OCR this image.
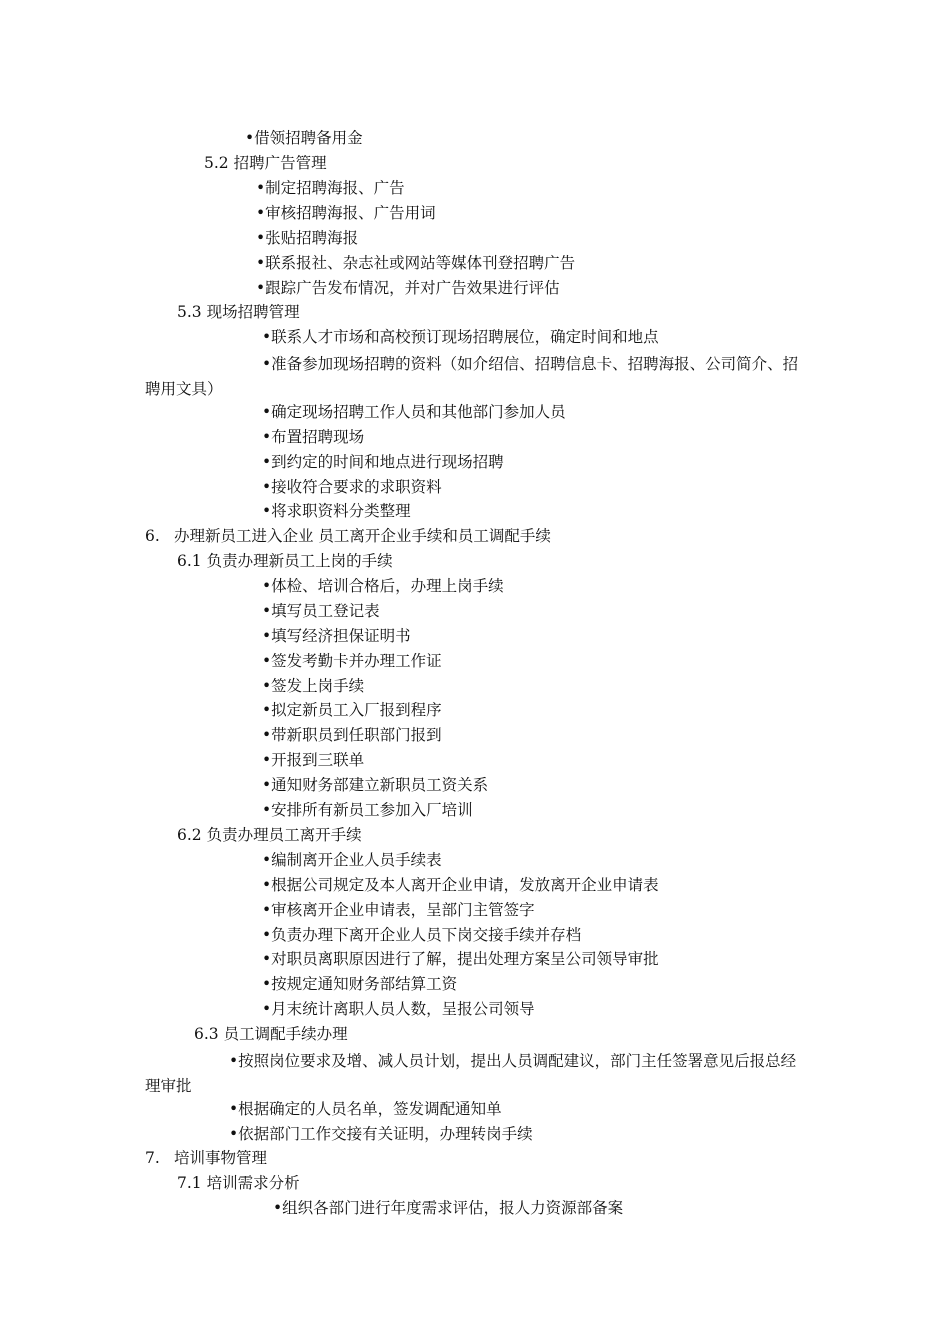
• 借领招聘备用金
5.2 招聘广告管理
• 制定招聘海报、广告
• 审核招聘海报、广告用词
• 张贴招聘海报
• 联系报社、杂志社或网站等媒体刊登招聘广告
• 跟踪广告发布情况，并对广告效果进行评估
5.3 现场招聘管理
• 联系人才市场和高校预订现场招聘展位，确定时间和地点
• 准备参加现场招聘的资料（如介绍信、招聘信息卡、招聘海报、公司简介、招聘用文具）
• 确定现场招聘工作人员和其他部门参加人员
• 布置招聘现场
• 到约定的时间和地点进行现场招聘
• 接收符合要求的求职资料
• 将求职资料分类整理
6. 办理新员工进入企业 员工离开企业手续和员工调配手续
6.1 负责办理新员工上岗的手续
• 体检、培训合格后，办理上岗手续
• 填写员工登记表
• 填写经济担保证明书
• 签发考勤卡并办理工作证
• 签发上岗手续
• 拟定新员工入厂报到程序
• 带新职员到任职部门报到
• 开报到三联单
• 通知财务部建立新职员工资关系
• 安排所有新员工参加入厂培训
6.2 负责办理员工离开手续
• 编制离开企业人员手续表
• 根据公司规定及本人离开企业申请，发放离开企业申请表
• 审核离开企业申请表，呈部门主管签字
• 负责办理下离开企业人员下岗交接手续并存档
• 对职员离职原因进行了解，提出处理方案呈公司领导审批
• 按规定通知财务部结算工资
• 月末统计离职人员人数，呈报公司领导
6.3 员工调配手续办理
• 按照岗位要求及增、减人员计划，提出人员调配建议，部门主任签署意见后报总经理审批
• 根据确定的人员名单，签发调配通知单
• 依据部门工作交接有关证明，办理转岗手续
7. 培训事物管理
7.1 培训需求分析
• 组织各部门进行年度需求评估，报人力资源部备案
